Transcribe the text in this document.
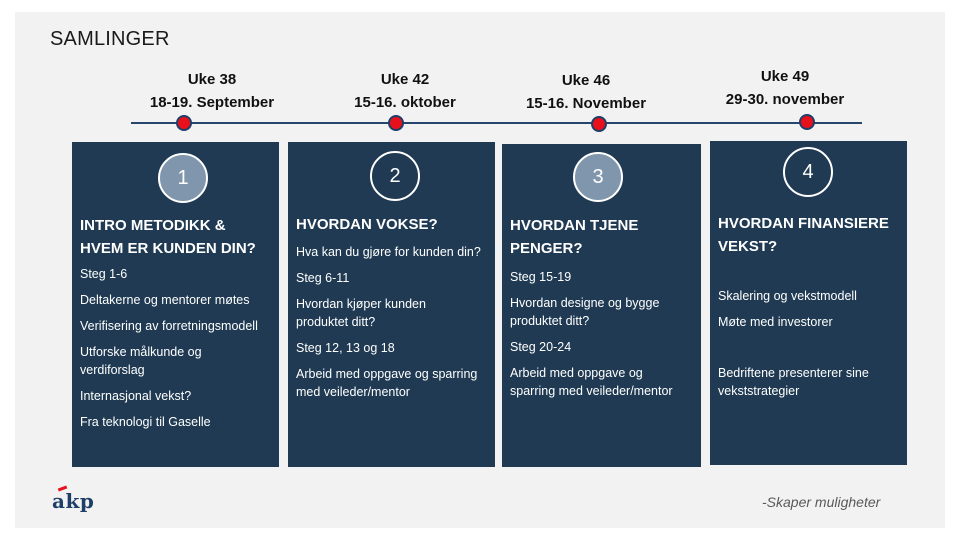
SAMLINGER
Uke 38
18-19. September
Uke 42
15-16. oktober
Uke 46
15-16. November
Uke 49
29-30. november
1
INTRO METODIKK &
HVEM ER KUNDEN DIN?

Steg 1-6

Deltakerne og mentorer møtes

Verifisering av forretningsmodell

Utforske målkunde og

verdiforslag

Internasjonal vekst?

Fra teknologi til Gaselle

2
HVORDAN VOKSE?

Hva kan du gjøre for kunden din?

Steg 6-11

Hvordan kjøper kunden

produktet ditt?

Steg 12, 13 og 18

Arbeid med oppgave og sparring

med veileder/mentor

3
HVORDAN TJENE
PENGER?

Steg 15-19

Hvordan designe og bygge

produktet ditt?

Steg 20-24

Arbeid med oppgave og

sparring med veileder/mentor

4
HVORDAN FINANSIERE
VEKST?

Skalering og vekstmodell

Møte med investorer

Bedriftene presenterer sine

vekststrategier

akp	-Skaper muligheter
